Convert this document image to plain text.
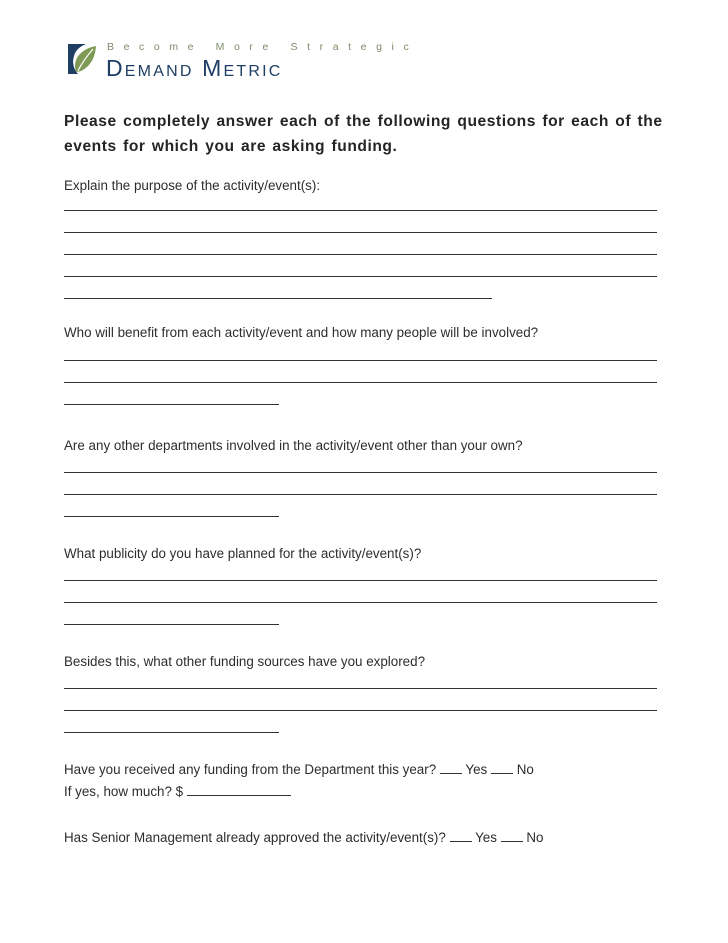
Become More Strategic
Demand Metric

Please completely answer each of the following questions for each of the events for which you are asking funding.

Explain the purpose of the activity/event(s):
Who will benefit from each activity/event and how many people will be involved?
Are any other departments involved in the activity/event other than your own?
What publicity do you have planned for the activity/event(s)?
Besides this, what other funding sources have you explored?
Have you received any funding from the Department this year? Yes No
If yes, how much? $
Has Senior Management already approved the activity/event(s)? Yes No
